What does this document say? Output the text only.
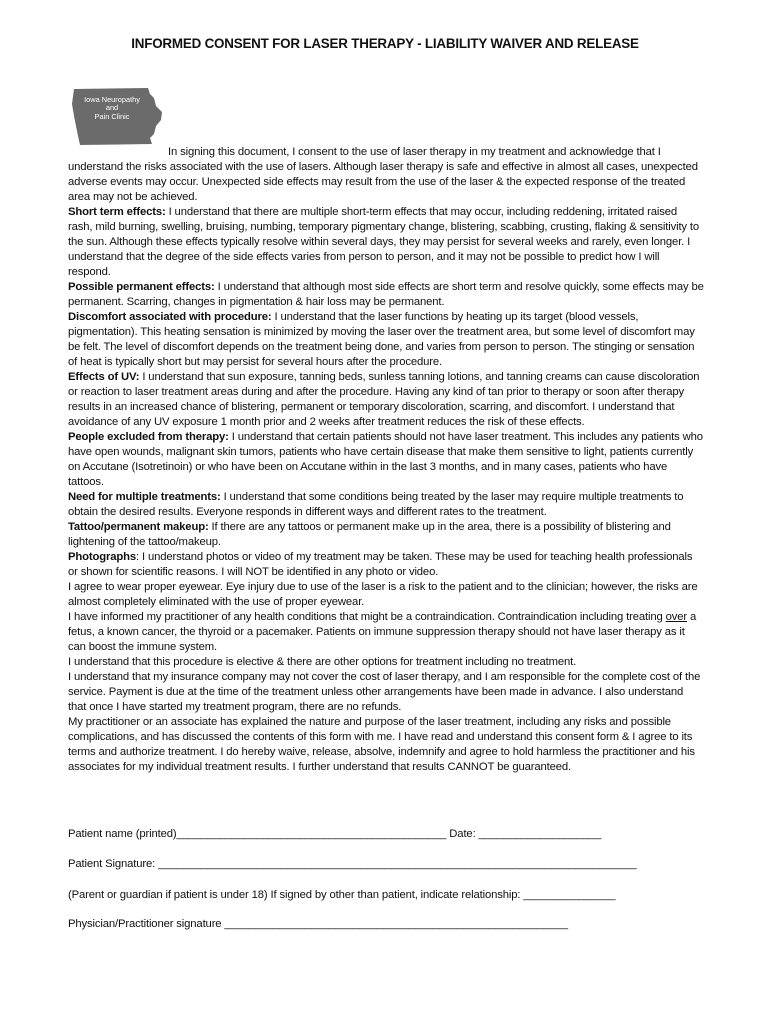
INFORMED CONSENT FOR LASER THERAPY - LIABILITY WAIVER AND RELEASE
Iowa Neuropathy
and
Pain Clinic

In signing this document, I consent to the use of laser therapy in my treatment and acknowledge that I understand the risks associated with the use of lasers. Although laser therapy is safe and effective in almost all cases, unexpected adverse events may occur. Unexpected side effects may result from the use of the laser & the expected response of the treated area may not be achieved.

Short term effects: I understand that there are multiple short-term effects that may occur, including reddening, irritated raised rash, mild burning, swelling, bruising, numbing, temporary pigmentary change, blistering, scabbing, crusting, flaking & sensitivity to the sun. Although these effects typically resolve within several days, they may persist for several weeks and rarely, even longer. I understand that the degree of the side effects varies from person to person, and it may not be possible to predict how I will respond.

Possible permanent effects: I understand that although most side effects are short term and resolve quickly, some effects may be permanent. Scarring, changes in pigmentation & hair loss may be permanent.

Discomfort associated with procedure: I understand that the laser functions by heating up its target (blood vessels, pigmentation). This heating sensation is minimized by moving the laser over the treatment area, but some level of discomfort may be felt. The level of discomfort depends on the treatment being done, and varies from person to person. The stinging or sensation of heat is typically short but may persist for several hours after the procedure.

Effects of UV: I understand that sun exposure, tanning beds, sunless tanning lotions, and tanning creams can cause discoloration or reaction to laser treatment areas during and after the procedure. Having any kind of tan prior to therapy or soon after therapy results in an increased chance of blistering, permanent or temporary discoloration, scarring, and discomfort. I understand that avoidance of any UV exposure 1 month prior and 2 weeks after treatment reduces the risk of these effects.

People excluded from therapy: I understand that certain patients should not have laser treatment. This includes any patients who have open wounds, malignant skin tumors, patients who have certain disease that make them sensitive to light, patients currently on Accutane (Isotretinoin) or who have been on Accutane within in the last 3 months, and in many cases, patients who have tattoos.

Need for multiple treatments: I understand that some conditions being treated by the laser may require multiple treatments to obtain the desired results. Everyone responds in different ways and different rates to the treatment.

Tattoo/permanent makeup: If there are any tattoos or permanent make up in the area, there is a possibility of blistering and lightening of the tattoo/makeup.

Photographs: I understand photos or video of my treatment may be taken. These may be used for teaching health professionals or shown for scientific reasons. I will NOT be identified in any photo or video.

I agree to wear proper eyewear. Eye injury due to use of the laser is a risk to the patient and to the clinician; however, the risks are almost completely eliminated with the use of proper eyewear.

I have informed my practitioner of any health conditions that might be a contraindication. Contraindication including treating over a fetus, a known cancer, the thyroid or a pacemaker. Patients on immune suppression therapy should not have laser therapy as it can boost the immune system.

I understand that this procedure is elective & there are other options for treatment including no treatment.

I understand that my insurance company may not cover the cost of laser therapy, and I am responsible for the complete cost of the service. Payment is due at the time of the treatment unless other arrangements have been made in advance. I also understand that once I have started my treatment program, there are no refunds.

My practitioner or an associate has explained the nature and purpose of the laser treatment, including any risks and possible complications, and has discussed the contents of this form with me. I have read and understand this consent form & I agree to its terms and authorize treatment. I do hereby waive, release, absolve, indemnify and agree to hold harmless the practitioner and his associates for my individual treatment results. I further understand that results CANNOT be guaranteed.

Patient name (printed)____________________________________________ Date: ____________________
Patient Signature: ______________________________________________________________________________
(Parent or guardian if patient is under 18) If signed by other than patient, indicate relationship: _______________
Physician/Practitioner signature ________________________________________________________
